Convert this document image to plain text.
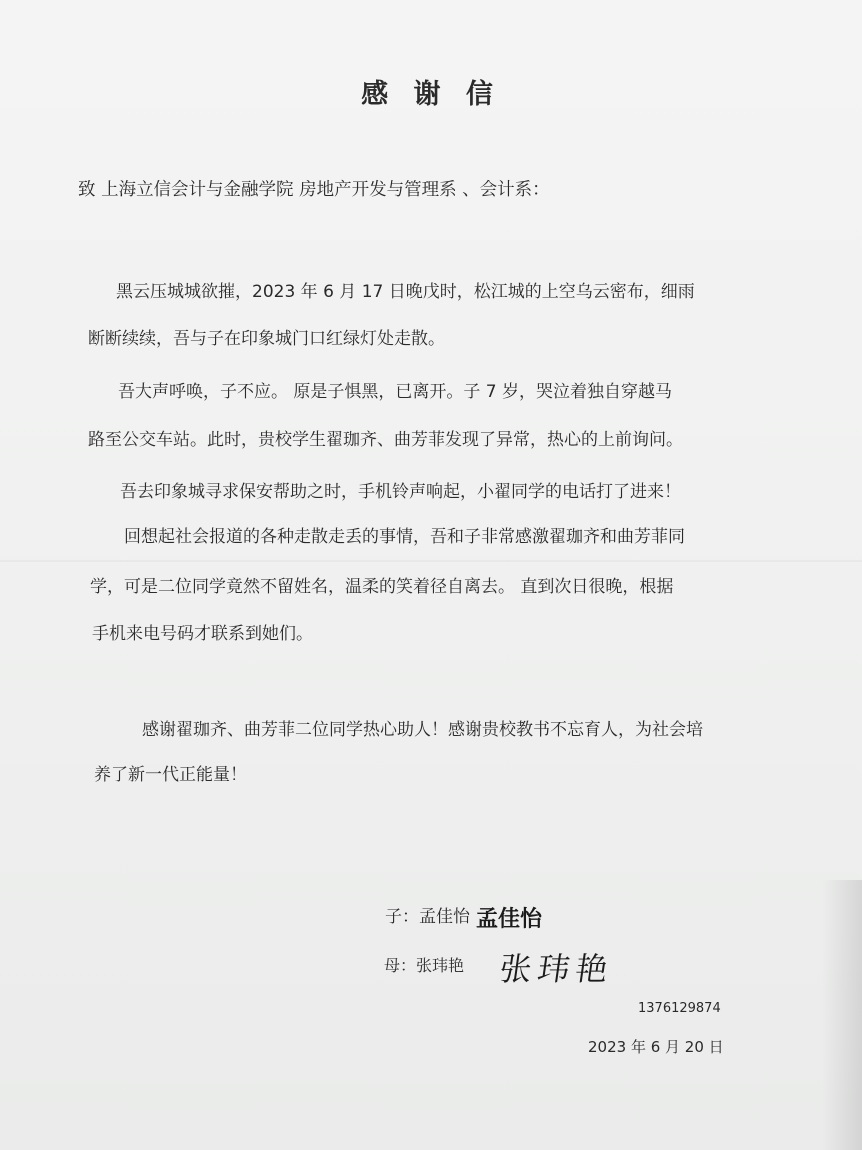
感 谢 信
致 上海立信会计与金融学院 房地产开发与管理系 、会计系：
黑云压城城欲摧，2023 年 6 月 17 日晚戊时，松江城的上空乌云密布，细雨
断断续续，吾与子在印象城门口红绿灯处走散。
吾大声呼唤，子不应。 原是子惧黑，已离开。子 7 岁，哭泣着独自穿越马
路至公交车站。此时，贵校学生翟珈齐、曲芳菲发现了异常，热心的上前询问。
吾去印象城寻求保安帮助之时，手机铃声响起，小翟同学的电话打了进来！
回想起社会报道的各种走散走丢的事情，吾和子非常感激翟珈齐和曲芳菲同
学，可是二位同学竟然不留姓名，温柔的笑着径自离去。 直到次日很晚，根据
手机来电号码才联系到她们。
感谢翟珈齐、曲芳菲二位同学热心助人！感谢贵校教书不忘育人，为社会培
养了新一代正能量！
子：孟佳怡 孟佳怡
母：张玮艳 张玮艳
1376129874
2023 年 6 月 20 日
